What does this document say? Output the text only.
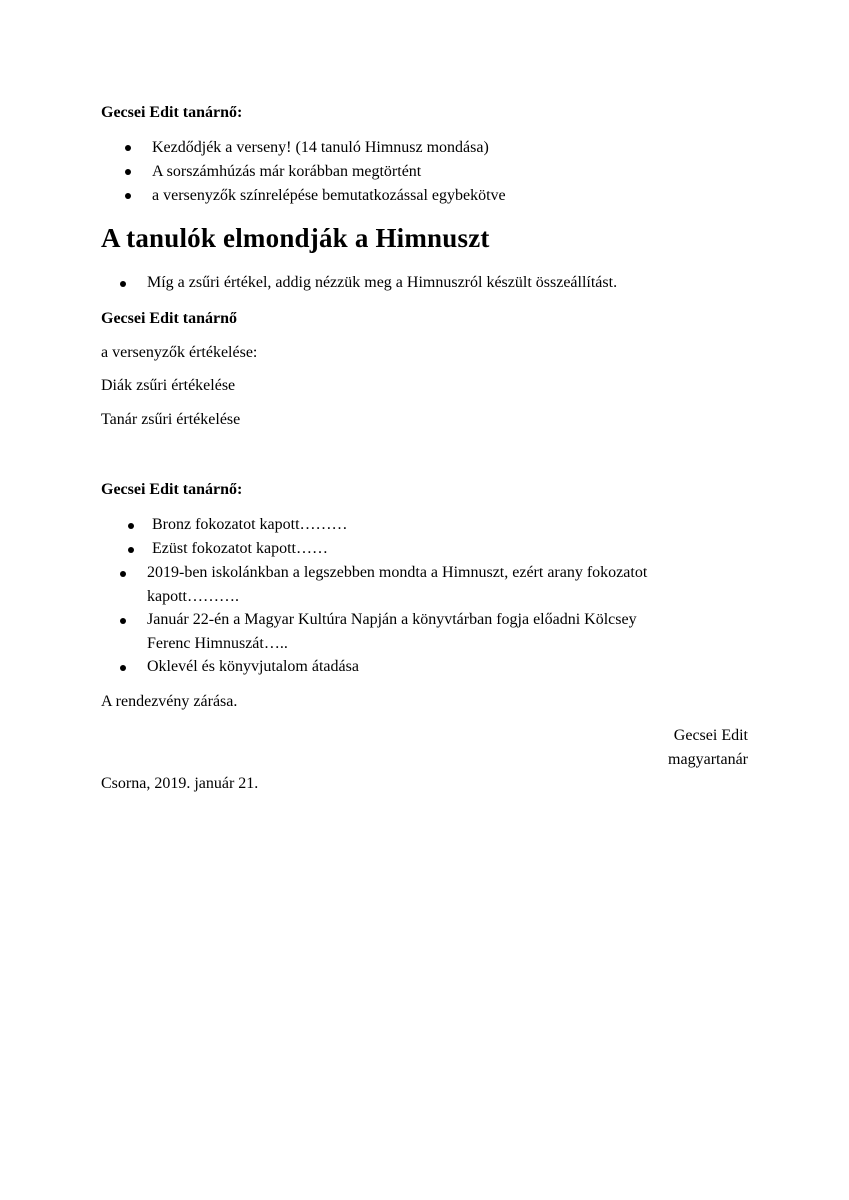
Gecsei Edit tanárnő:
Kezdődjék a verseny! (14 tanuló Himnusz mondása)
A sorszámhúzás már korábban megtörtént
a versenyzők színrelépése bemutatkozással egybekötve
A tanulók elmondják a Himnuszt
Míg a zsűri értékel, addig nézzük meg a Himnuszról készült összeállítást.
Gecsei Edit tanárnő
a versenyzők értékelése:
Diák zsűri értékelése
Tanár zsűri értékelése
Gecsei Edit tanárnő:
Bronz fokozatot kapott………
Ezüst fokozatot kapott……
2019-ben iskolánkban a legszebben mondta a Himnuszt, ezért arany fokozatot
kapott……….
Január 22-én a Magyar Kultúra Napján a könyvtárban fogja előadni Kölcsey
Ferenc Himnuszát…..
Oklevél és könyvjutalom átadása
A rendezvény zárása.
Gecsei Edit
magyartanár
Csorna, 2019. január 21.
